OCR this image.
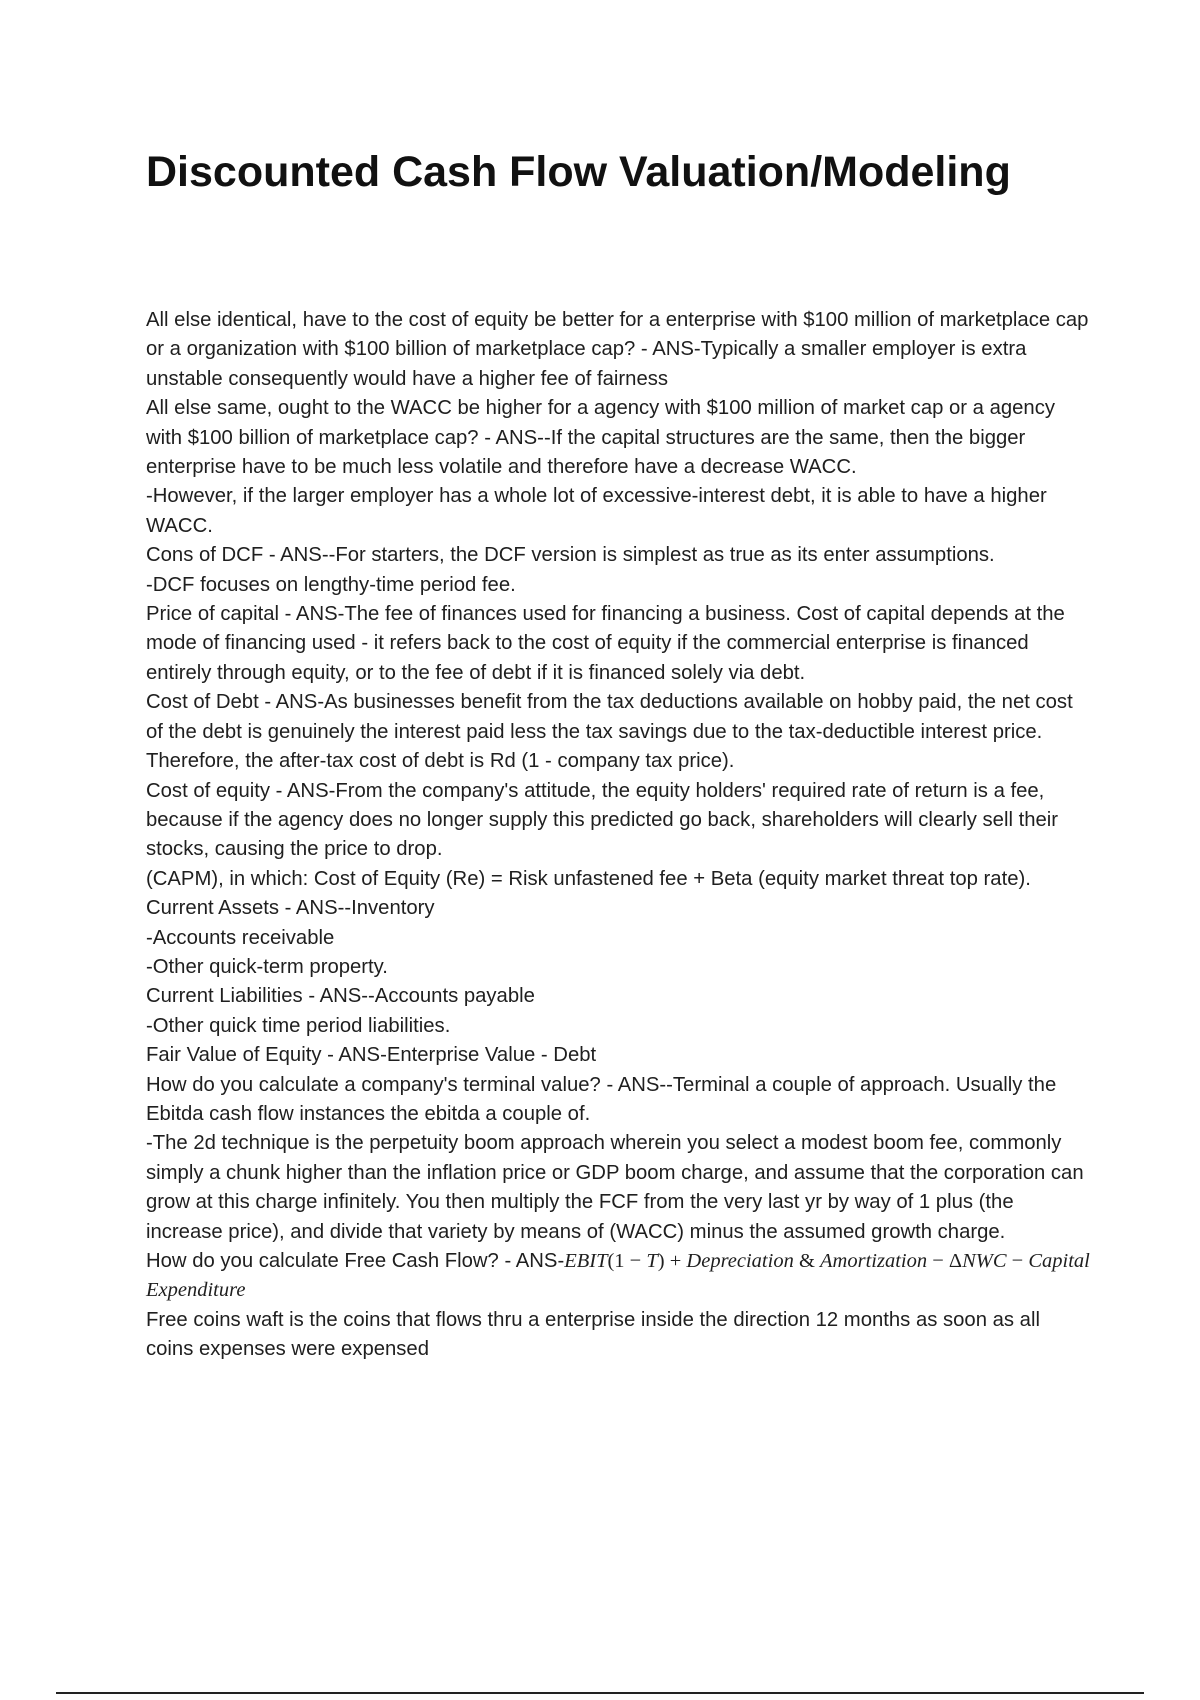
Discounted Cash Flow Valuation/Modeling

All else identical, have to the cost of equity be better for a enterprise with $100 million of marketplace cap or a organization with $100 billion of marketplace cap? - ANS-Typically a smaller employer is extra unstable consequently would have a higher fee of fairness

All else same, ought to the WACC be higher for a agency with $100 million of market cap or a agency with $100 billion of marketplace cap? - ANS--If the capital structures are the same, then the bigger enterprise have to be much less volatile and therefore have a decrease WACC.

-However, if the larger employer has a whole lot of excessive-interest debt, it is able to have a higher WACC.

Cons of DCF - ANS--For starters, the DCF version is simplest as true as its enter assumptions.

-DCF focuses on lengthy-time period fee.

Price of capital - ANS-The fee of finances used for financing a business. Cost of capital depends at the mode of financing used - it refers back to the cost of equity if the commercial enterprise is financed entirely through equity, or to the fee of debt if it is financed solely via debt.

Cost of Debt - ANS-As businesses benefit from the tax deductions available on hobby paid, the net cost of the debt is genuinely the interest paid less the tax savings due to the tax-deductible interest price. Therefore, the after-tax cost of debt is Rd (1 - company tax price).

Cost of equity - ANS-From the company's attitude, the equity holders' required rate of return is a fee, because if the agency does no longer supply this predicted go back, shareholders will clearly sell their stocks, causing the price to drop.

(CAPM), in which: Cost of Equity (Re) = Risk unfastened fee + Beta (equity market threat top rate).

Current Assets - ANS--Inventory

-Accounts receivable

-Other quick-term property.

Current Liabilities - ANS--Accounts payable

-Other quick time period liabilities.

Fair Value of Equity - ANS-Enterprise Value - Debt

How do you calculate a company's terminal value? - ANS--Terminal a couple of approach. Usually the Ebitda cash flow instances the ebitda a couple of.

-The 2d technique is the perpetuity boom approach wherein you select a modest boom fee, commonly simply a chunk higher than the inflation price or GDP boom charge, and assume that the corporation can grow at this charge infinitely. You then multiply the FCF from the very last yr by way of 1 plus (the increase price), and divide that variety by means of (WACC) minus the assumed growth charge.

How do you calculate Free Cash Flow? - ANS-EBIT(1 − T) + Depreciation & Amortization − ΔNWC − Capital Expenditure

Free coins waft is the coins that flows thru a enterprise inside the direction 12 months as soon as all coins expenses were expensed
